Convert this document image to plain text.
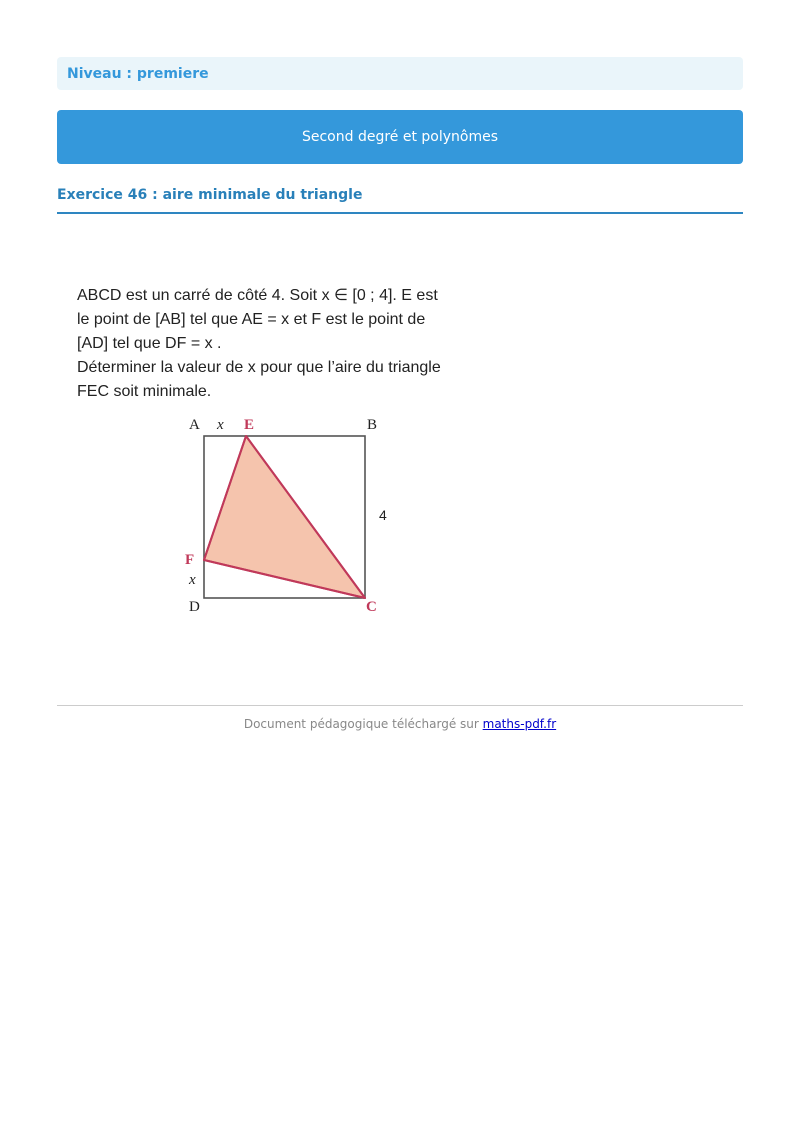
Niveau : premiere
Second degré et polynômes
Exercice 46 : aire minimale du triangle
ABCD est un carré de côté 4. Soit x ∈ [0 ; 4]. E est
le point de [AB] tel que AE = x et F est le point de
[AD] tel que DF = x .
Déterminer la valeur de x pour que l’aire du triangle
FEC soit minimale.
A x E	B
4
F
x
D	C
Document pédagogique téléchargé sur maths-pdf.fr
